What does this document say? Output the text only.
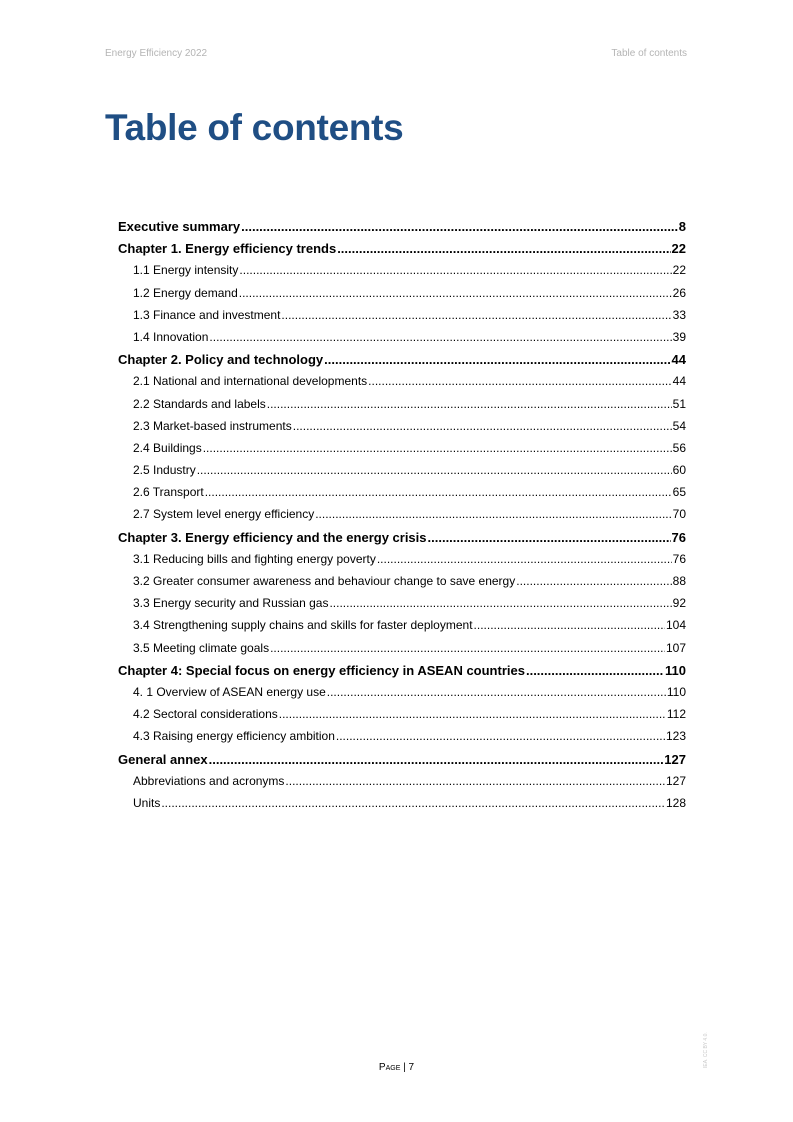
Energy Efficiency 2022	Table of contents
Table of contents
Executive summary .....	8
Chapter 1. Energy efficiency trends .....	22
1.1 Energy intensity .....	22
1.2 Energy demand .....	26
1.3 Finance and investment .....	33
1.4 Innovation .....	39
Chapter 2. Policy and technology .....	44
2.1 National and international developments .....	44
2.2 Standards and labels .....	51
2.3 Market-based instruments .....	54
2.4 Buildings .....	56
2.5 Industry .....	60
2.6 Transport .....	65
2.7 System level energy efficiency .....	70
Chapter 3. Energy efficiency and the energy crisis .....	76
3.1 Reducing bills and fighting energy poverty .....	76
3.2 Greater consumer awareness and behaviour change to save energy .....	88
3.3 Energy security and Russian gas .....	92
3.4 Strengthening supply chains and skills for faster deployment .....	104
3.5 Meeting climate goals .....	107
Chapter 4: Special focus on energy efficiency in ASEAN countries .....	110
4. 1 Overview of ASEAN energy use .....	110
4.2 Sectoral considerations .....	112
4.3 Raising energy efficiency ambition .....	123
General annex .....	127
Abbreviations and acronyms .....	127
Units .....	128
Page | 7	IEA. CC BY 4.0.
